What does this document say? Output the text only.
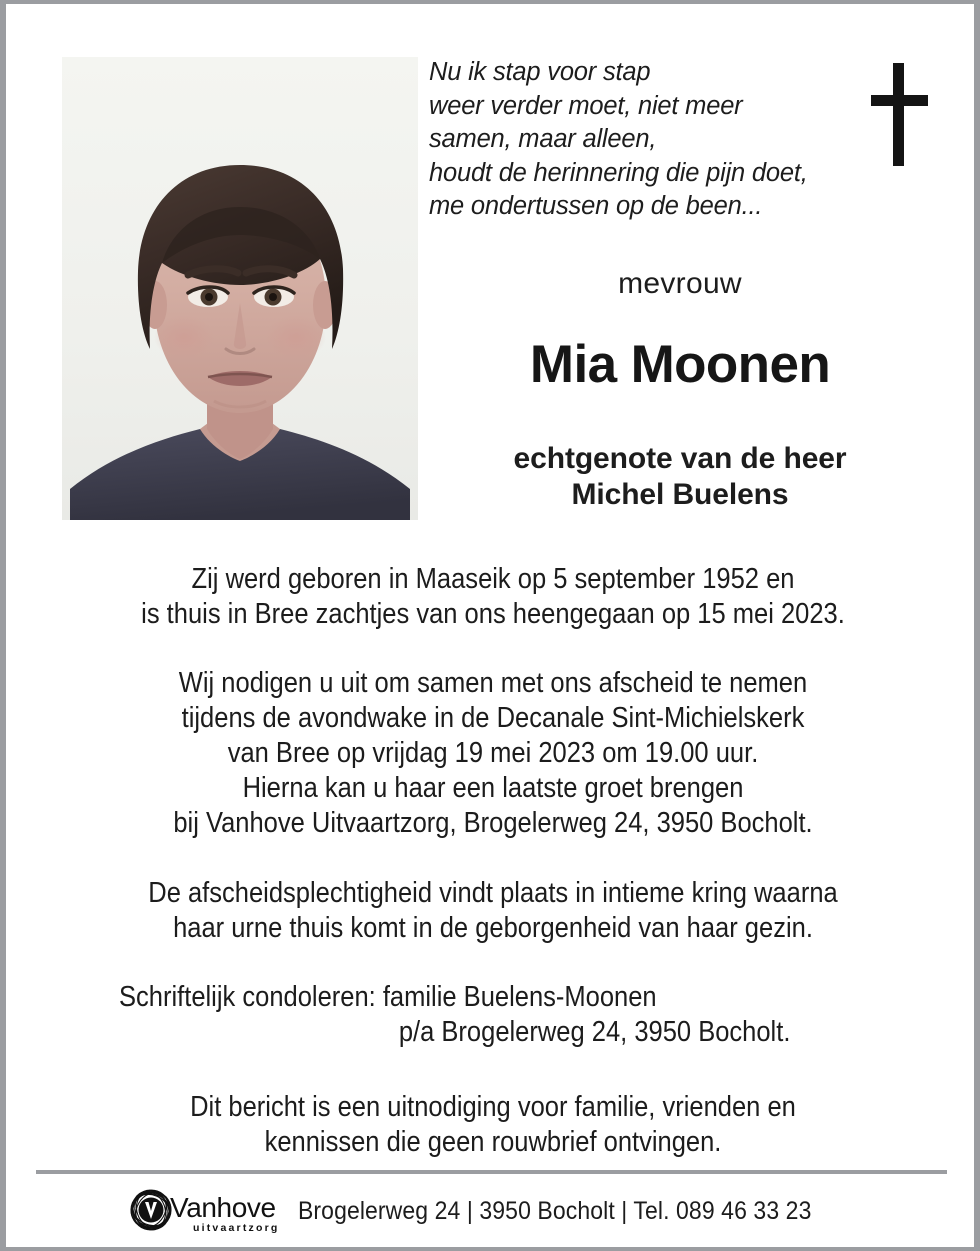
Nu ik stap voor stap
weer verder moet, niet meer
samen, maar alleen,
houdt de herinnering die pijn doet,
me ondertussen op de been...
mevrouw
Mia Moonen
echtgenote van de heer
Michel Buelens
Zij werd geboren in Maaseik op 5 september 1952 en
is thuis in Bree zachtjes van ons heengegaan op 15 mei 2023.
Wij nodigen u uit om samen met ons afscheid te nemen
tijdens de avondwake in de Decanale Sint-Michielskerk
van Bree op vrijdag 19 mei 2023 om 19.00 uur.
Hierna kan u haar een laatste groet brengen
bij Vanhove Uitvaartzorg, Brogelerweg 24, 3950 Bocholt.
De afscheidsplechtigheid vindt plaats in intieme kring waarna
haar urne thuis komt in de geborgenheid van haar gezin.
Schriftelijk condoleren: familie Buelens-Moonen
p/a Brogelerweg 24, 3950 Bocholt.
Dit bericht is een uitnodiging voor familie, vrienden en
kennissen die geen rouwbrief ontvingen.
Vanhove
uitvaartzorg
Brogelerweg 24 | 3950 Bocholt | Tel. 089 46 33 23
